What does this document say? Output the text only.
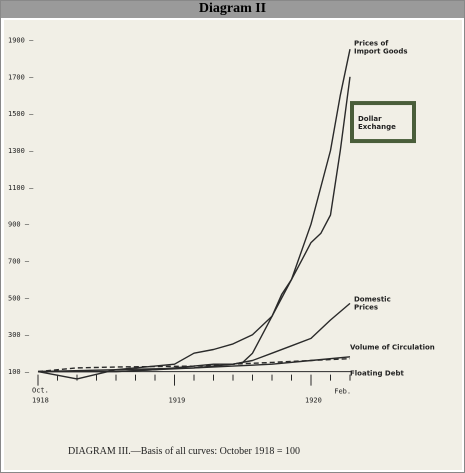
Diagram II
100 —
300 —
500 —
700 —
900 —
1100 —
1300 —
1500 —
1700 —
1900 —
Oct.
1918	1919	1920
Feb.
Prices of
Import Goods
Dollar
Exchange
Domestic
Prices
Volume of Circulation
Floating Debt
DIAGRAM III.—Basis of all curves: October 1918 = 100
